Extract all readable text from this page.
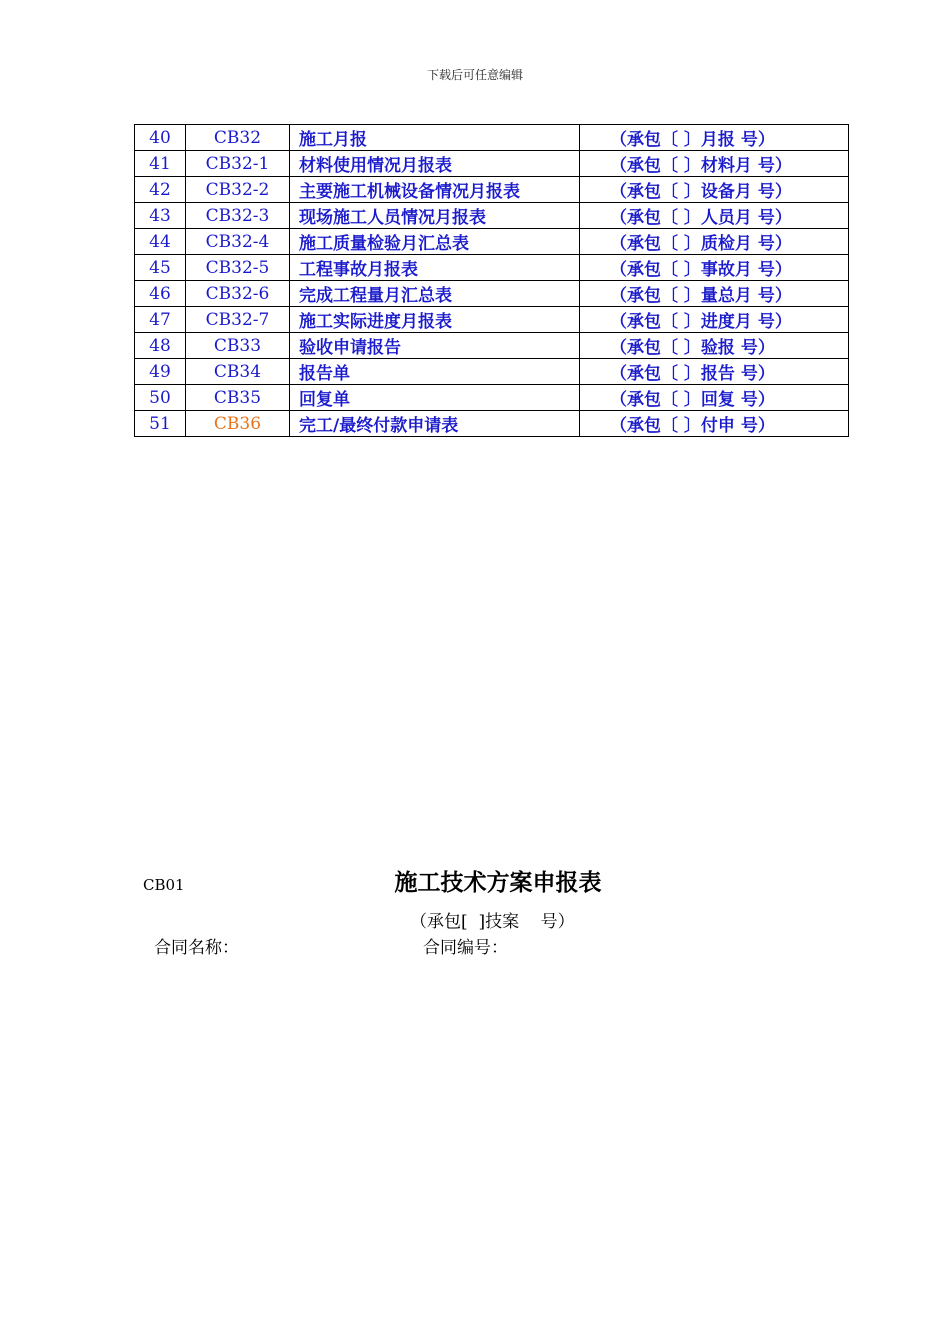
下载后可任意编辑
40	CB32	施工月报	（承包〔 〕月报 号）
41	CB32-1	材料使用情况月报表	（承包〔 〕材料月 号）
42	CB32-2	主要施工机械设备情况月报表	（承包〔 〕设备月 号）
43	CB32-3	现场施工人员情况月报表	（承包〔 〕人员月 号）
44	CB32-4	施工质量检验月汇总表	（承包〔 〕质检月 号）
45	CB32-5	工程事故月报表	（承包〔 〕事故月 号）
46	CB32-6	完成工程量月汇总表	（承包〔 〕量总月 号）
47	CB32-7	施工实际进度月报表	（承包〔 〕进度月 号）
48	CB33	验收申请报告	（承包〔 〕验报 号）
49	CB34	报告单	（承包〔 〕报告 号）
50	CB35	回复单	（承包〔 〕回复 号）
51	CB36	完工/最终付款申请表	（承包〔 〕付申 号）
CB01	施工技术方案申报表
（承包[  ]技案    号）
合同名称：	合同编号：
